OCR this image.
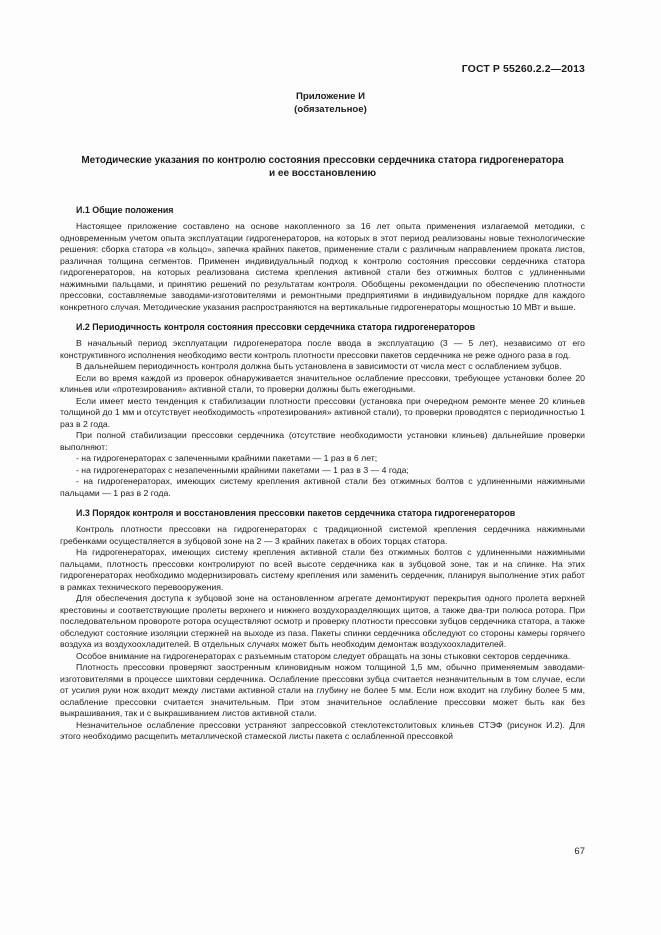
ГОСТ Р 55260.2.2—2013
Приложение И
(обязательное)
Методические указания по контролю состояния прессовки сердечника статора гидрогенератора
и ее восстановлению
И.1 Общие положения

Настоящее приложение составлено на основе накопленного за 16 лет опыта применения излагаемой методики, с одновременным учетом опыта эксплуатации гидрогенераторов, на которых в этот период реализованы новые технологические решения: сборка статора «в кольцо», запечка крайних пакетов, применение стали с различным направлением проката листов, различная толщина сегментов. Применен индивидуальный подход к контролю состояния прессовки сердечника статора гидрогенераторов, на которых реализована система крепления активной стали без отжимных болтов с удлиненными нажимными пальцами, и принятию решений по результатам контроля. Обобщены рекомендации по обеспечению плотности прессовки, составляемые заводами-изготовителями и ремонтными предприятиями в индивидуальном порядке для каждого конкретного случая. Методические указания распространяются на вертикальные гидрогенераторы мощностью 10 МВт и выше.

И.2 Периодичность контроля состояния прессовки сердечника статора гидрогенераторов

В начальный период эксплуатации гидрогенератора после ввода в эксплуатацию (3 — 5 лет), независимо от его конструктивного исполнения необходимо вести контроль плотности прессовки пакетов сердечника не реже одного раза в год.

В дальнейшем периодичность контроля должна быть установлена в зависимости от числа мест с ослаблением зубцов.

Если во время каждой из проверок обнаруживается значительное ослабление прессовки, требующее установки более 20 клиньев или «протезирования» активной стали, то проверки должны быть ежегодными.

Если имеет место тенденция к стабилизации плотности прессовки (установка при очередном ремонте менее 20 клиньев толщиной до 1 мм и отсутствует необходимость «протезирования» активной стали), то проверки проводятся с периодичностью 1 раз в 2 года.

При полной стабилизации прессовки сердечника (отсутствие необходимости установки клиньев) дальнейшие проверки выполняют:

- на гидрогенераторах с запеченными крайними пакетами — 1 раз в 6 лет;

- на гидрогенераторах с незапеченными крайними пакетами — 1 раз в 3 — 4 года;

- на гидрогенераторах, имеющих систему крепления активной стали без отжимных болтов с удлиненными нажимными пальцами — 1 раз в 2 года.

И.3 Порядок контроля и восстановления прессовки пакетов сердечника статора гидрогенераторов

Контроль плотности прессовки на гидрогенераторах с традиционной системой крепления сердечника нажимными гребенками осуществляется в зубцовой зоне на 2 — 3 крайних пакетах в обоих торцах статора.

На гидрогенераторах, имеющих систему крепления активной стали без отжимных болтов с удлиненными нажимными пальцами, плотность прессовки контролируют по всей высоте сердечника как в зубцовой зоне, так и на спинке. На этих гидрогенераторах необходимо модернизировать систему крепления или заменить сердечник, планируя выполнение этих работ в рамках технического перевооружения.

Для обеспечения доступа к зубцовой зоне на остановленном агрегате демонтируют перекрытия одного пролета верхней крестовины и соответствующие пролеты верхнего и нижнего воздухоразделяющих щитов, а также два-три полюса ротора. При последовательном провороте ротора осуществляют осмотр и проверку плотности прессовки зубцов сердечника статора, а также обследуют состояние изоляции стержней на выходе из паза. Пакеты спинки сердечника обследуют со стороны камеры горячего воздуха из воздухоохладителей. В отдельных случаях может быть необходим демонтаж воздухоохладителей.

Особое внимание на гидрогенераторах с разъемным статором следует обращать на зоны стыковки секторов сердечника.

Плотность прессовки проверяют заостренным клиновидным ножом толщиной 1,5 мм, обычно применяемым заводами-изготовителями в процессе шихтовки сердечника. Ослабление прессовки зубца считается незначительным в том случае, если от усилия руки нож входит между листами активной стали на глубину не более 5 мм. Если нож входит на глубину более 5 мм, ослабление прессовки считается значительным. При этом значительное ослабление прессовки может быть как без выкрашивания, так и с выкрашиванием листов активной стали.

Незначительное ослабление прессовки устраняют запрессовкой стеклотекстолитовых клиньев СТЭФ (рисунок И.2). Для этого необходимо расщепить металлической стамеской листы пакета с ослабленной прессовкой

67
